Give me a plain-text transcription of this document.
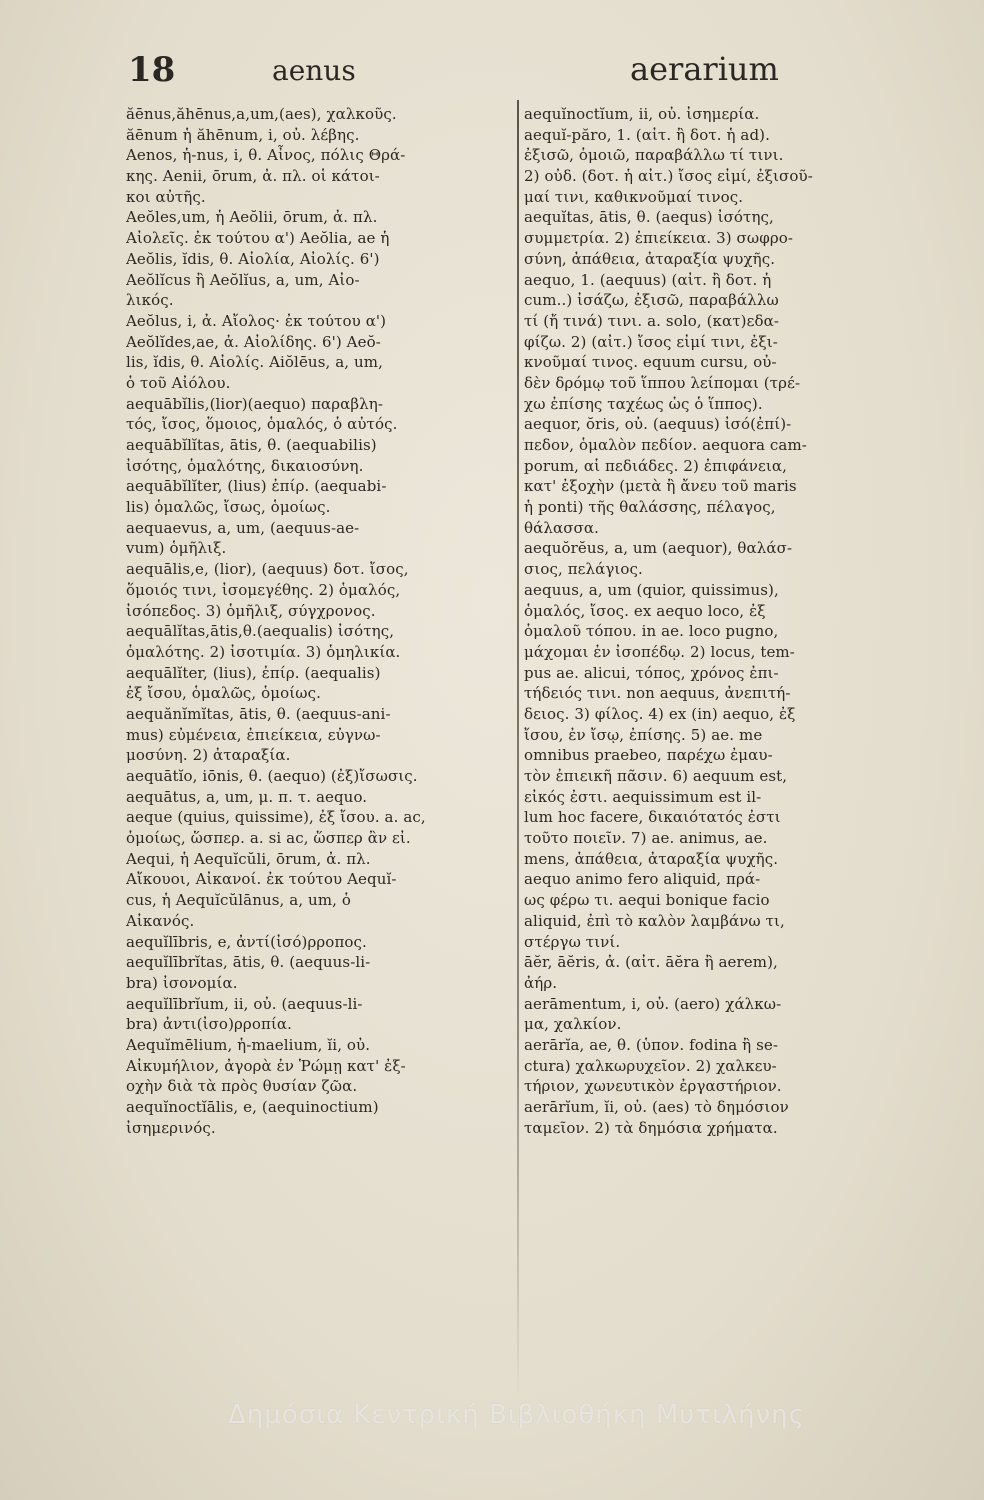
18	aenus	aerarium
ăēnus,ăhēnus,a,um,(aes), χαλκοῦς.
ăēnum ἡ ăhēnum, i, οὐ. λέβης.
Aenos, ἡ-nus, i, θ. Αἶνος, πόλις Θρά-
κης. Aenii, ōrum, ἀ. πλ. οἱ κάτοι-
κοι αὐτῆς.
Aeŏles,um, ἡ Aeŏlii, ōrum, ἀ. πλ.
Αἰολεῖς. ἐκ τούτου α') Aeŏlia, ae ἡ
Aeŏlis, ĭdis, θ. Αἰολία, Αἰολίς. 6')
Aeŏlĭcus ἢ Aeŏlĭus, a, um, Αἰο-
λικός.
Aeŏlus, i, ἀ. Αἴολος· ἐκ τούτου α')
Aeŏlĭdes,ae, ἀ. Αἰολίδης. 6') Aeŏ-
lis, ĭdis, θ. Αἰολίς. Aiŏlēus, a, um,
ὁ τοῦ Αἰόλου.
aequābĭlis,(lior)(aequo) παραβλη-
τός, ἴσος, ὅμοιος, ὁμαλός, ὁ αὐτός.
aequābĭlĭtas, ātis, θ. (aequabilis)
ἰσότης, ὁμαλότης, δικαιοσύνη.
aequābĭlĭter, (lius) ἐπίρ. (aequabi-
lis) ὁμαλῶς, ἴσως, ὁμοίως.
aequaevus, a, um, (aequus-ae-
vum) ὁμῆλιξ.
aequālis,e, (lior), (aequus) δοτ. ἴσος,
ὅμοιός τινι, ἰσομεγέθης. 2) ὁμαλός,
ἰσόπεδος. 3) ὁμῆλιξ, σύγχρονος.
aequālĭtas,ātis,θ.(aequalis) ἰσότης,
ὁμαλότης. 2) ἰσοτιμία. 3) ὁμηλικία.
aequālĭter, (lius), ἐπίρ. (aequalis)
ἐξ ἴσου, ὁμαλῶς, ὁμοίως.
aequănĭmĭtas, ātis, θ. (aequus-ani-
mus) εὐμένεια, ἐπιείκεια, εὐγνω-
μοσύνη. 2) ἀταραξία.
aequātĭo, iōnis, θ. (aequo) (ἐξ)ἴσωσις.
aequātus, a, um, μ. π. τ. aequo.
aeque (quius, quissime), ἐξ ἴσου. a. ac,
ὁμοίως, ὥσπερ. a. si ac, ὥσπερ ἂν εἰ.
Aequi, ἡ Aequĭcŭli, ōrum, ἀ. πλ.
Αἴκουοι, Αἰκανοί. ἐκ τούτου Aequĭ-
cus, ἡ Aequĭcŭlānus, a, um, ὁ
Αἰκανός.
aequĭlībris, e, ἀντί(ἰσό)ρροπος.
aequĭlībrĭtas, ātis, θ. (aequus-li-
bra) ἰσονομία.
aequĭlībrĭum, ii, οὐ. (aequus-li-
bra) ἀντι(ἰσο)ρροπία.
Aequĭmēlium, ἡ-maelium, ĭi, οὐ.
Αἰκυμήλιον, ἀγορὰ ἐν Ῥώμῃ κατ' ἐξ-
οχὴν διὰ τὰ πρὸς θυσίαν ζῶα.
aequĭnoctĭālis, e, (aequinoctium)
ἰσημερινός.
aequĭnoctĭum, ii, οὐ. ἰσημερία.
aequĭ-păro, 1. (αἰτ. ἢ δοτ. ἡ ad).
ἐξισῶ, ὁμοιῶ, παραβάλλω τί τινι.
2) οὐδ. (δοτ. ἡ αἰτ.) ἴσος εἰμί, ἐξισοῦ-
μαί τινι, καθικνοῦμαί τινος.
aequĭtas, ātis, θ. (aequs) ἰσότης,
συμμετρία. 2) ἐπιείκεια. 3) σωφρο-
σύνη, ἀπάθεια, ἀταραξία ψυχῆς.
aequo, 1. (aequus) (αἰτ. ἢ δοτ. ἡ
cum..) ἰσάζω, ἐξισῶ, παραβάλλω
τί (ἤ τινά) τινι. a. solo, (κατ)εδα-
φίζω. 2) (αἰτ.) ἴσος εἰμί τινι, ἐξι-
κνοῦμαί τινος. equum cursu, οὐ-
δὲν δρόμῳ τοῦ ἵππου λείπομαι (τρέ-
χω ἐπίσης ταχέως ὡς ὁ ἵππος).
aequor, ŏris, οὐ. (aequus) ἰσό(ἐπί)-
πεδον, ὁμαλὸν πεδίον. aequora cam-
porum, αἱ πεδιάδες. 2) ἐπιφάνεια,
κατ' ἐξοχὴν (μετὰ ἢ ἄνευ τοῦ maris
ἡ ponti) τῆς θαλάσσης, πέλαγος,
θάλασσα.
aequŏrĕus, a, um (aequor), θαλάσ-
σιος, πελάγιος.
aequus, a, um (quior, quissimus),
ὁμαλός, ἴσος. ex aequo loco, ἐξ
ὁμαλοῦ τόπου. in ae. loco pugno,
μάχομαι ἐν ἰσοπέδῳ. 2) locus, tem-
pus ae. alicui, τόπος, χρόνος ἐπι-
τήδειός τινι. non aequus, ἀνεπιτή-
δειος. 3) φίλος. 4) ex (in) aequo, ἐξ
ἴσου, ἐν ἴσῳ, ἐπίσης. 5) ae. me
omnibus praebeo, παρέχω ἐμαυ-
τὸν ἐπιεικῆ πᾶσιν. 6) aequum est,
εἰκός ἐστι. aequissimum est il-
lum hoc facere, δικαιότατός ἐστι
τοῦτο ποιεῖν. 7) ae. animus, ae.
mens, ἀπάθεια, ἀταραξία ψυχῆς.
aequo animo fero aliquid, πρά-
ως φέρω τι. aequi bonique facio
aliquid, ἐπὶ τὸ καλὸν λαμβάνω τι,
στέργω τινί.
āĕr, āĕris, ἀ. (αἰτ. āĕra ἢ aerem),
ἀήρ.
aerāmentum, i, οὐ. (aero) χάλκω-
μα, χαλκίον.
aerārĭa, ae, θ. (ὑπον. fodina ἢ se-
ctura) χαλκωρυχεῖον. 2) χαλκευ-
τήριον, χωνευτικὸν ἐργαστήριον.
aerārĭum, ĭi, οὐ. (aes) τὸ δημόσιον
ταμεῖον. 2) τὰ δημόσια χρήματα.
Δημόσια Κεντρική Βιβλιοθήκη Μυτιλήνης
